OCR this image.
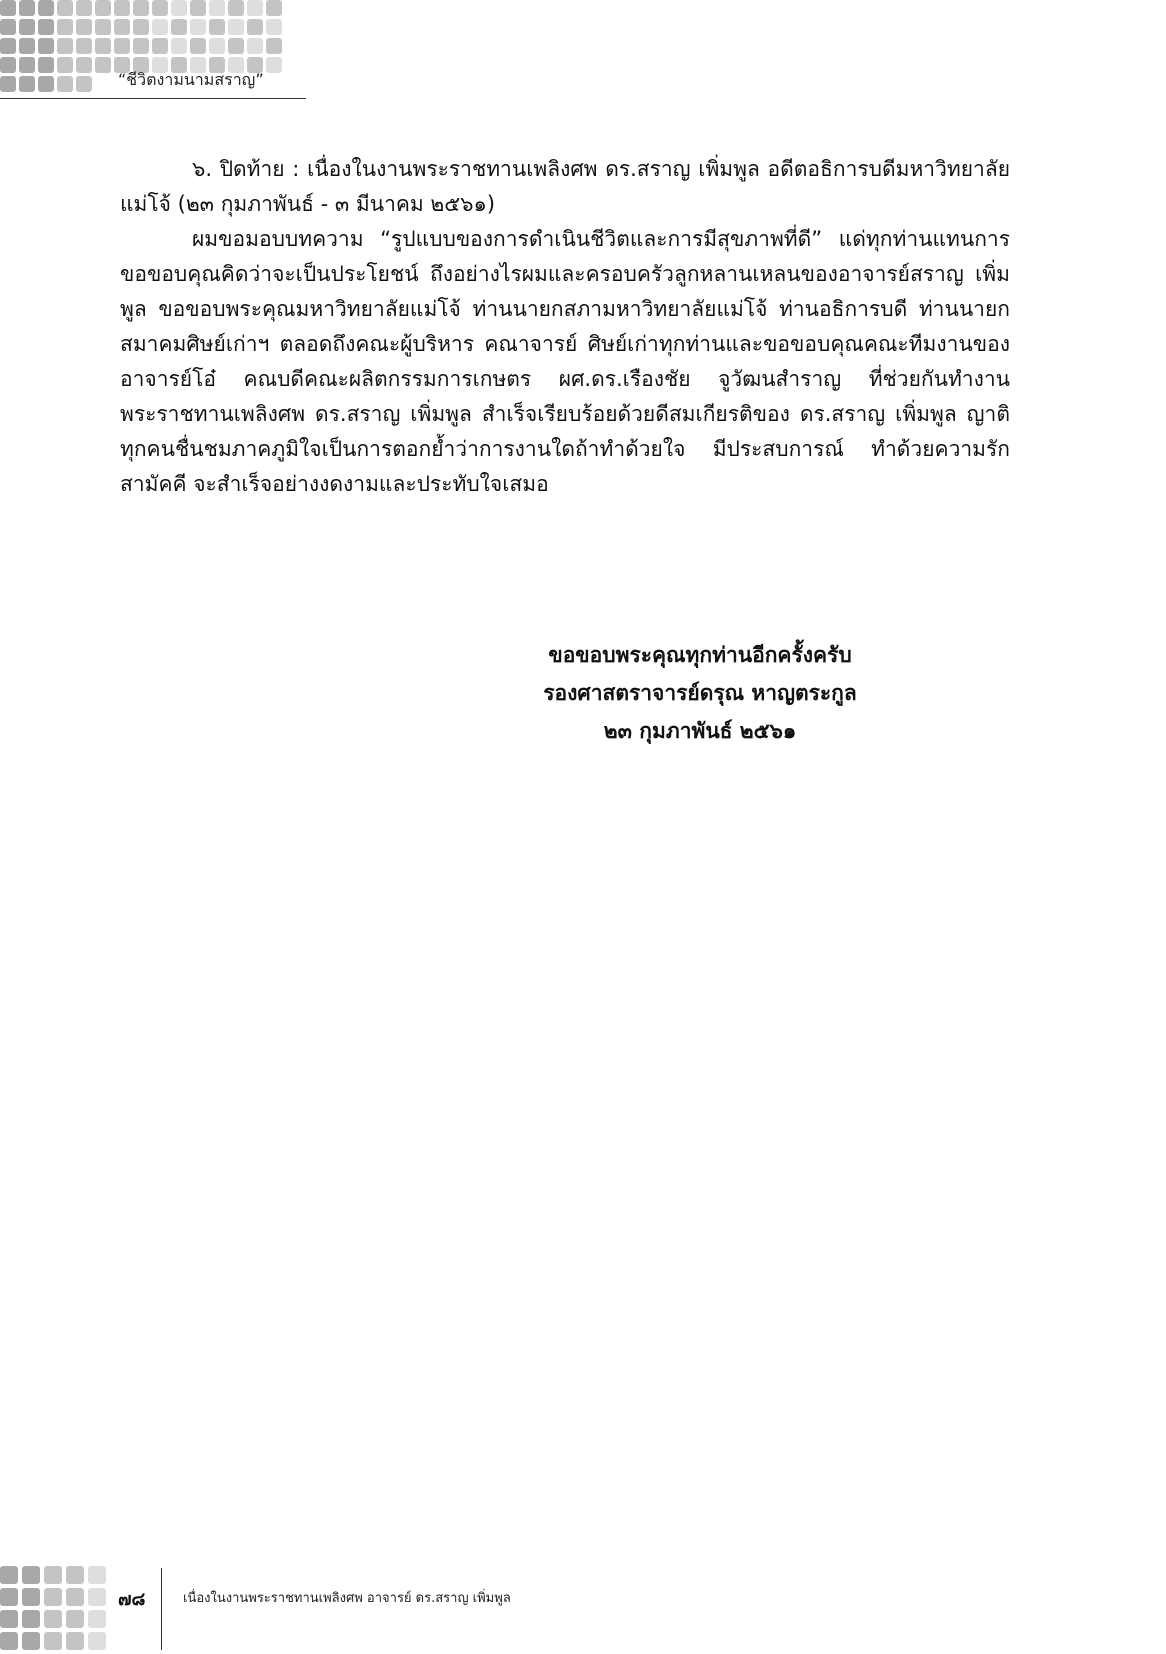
“ชีวิตงามนามสราญ”

๖. ปิดท้าย : เนื่องในงานพระราชทานเพลิงศพ ดร.สราญ เพิ่มพูล อดีตอธิการบดีมหาวิทยาลัยแม่โจ้ (๒๓ กุมภาพันธ์ - ๓ มีนาคม ๒๕๖๑)

ผมขอมอบบทความ “รูปแบบของการดำเนินชีวิตและการมีสุขภาพที่ดี” แด่ทุกท่านแทนการขอขอบคุณคิดว่าจะเป็นประโยชน์ ถึงอย่างไรผมและครอบครัวลูกหลานเหลนของอาจารย์สราญ เพิ่มพูล ขอขอบพระคุณมหาวิทยาลัยแม่โจ้ ท่านนายกสภามหาวิทยาลัยแม่โจ้ ท่านอธิการบดี ท่านนายกสมาคมศิษย์เก่าฯ ตลอดถึงคณะผู้บริหาร คณาจารย์ ศิษย์เก่าทุกท่านและขอขอบคุณคณะทีมงานของอาจารย์โอ๋ คณบดีคณะผลิตกรรมการเกษตร ผศ.ดร.เรืองชัย จูวัฒนสำราญ ที่ช่วยกันทำงานพระราชทานเพลิงศพ ดร.สราญ เพิ่มพูล สำเร็จเรียบร้อยด้วยดีสมเกียรติของ ดร.สราญ เพิ่มพูล ญาติทุกคนชื่นชมภาคภูมิใจเป็นการตอกย้ำว่าการงานใดถ้าทำด้วยใจ มีประสบการณ์ ทำด้วยความรักสามัคคี จะสำเร็จอย่างงดงามและประทับใจเสมอ

ขอขอบพระคุณทุกท่านอีกครั้งครับ
รองศาสตราจารย์ดรุณ หาญตระกูล
๒๓ กุมภาพันธ์ ๒๕๖๑
๗๘	เนื่องในงานพระราชทานเพลิงศพ อาจารย์ ดร.สราญ เพิ่มพูล
